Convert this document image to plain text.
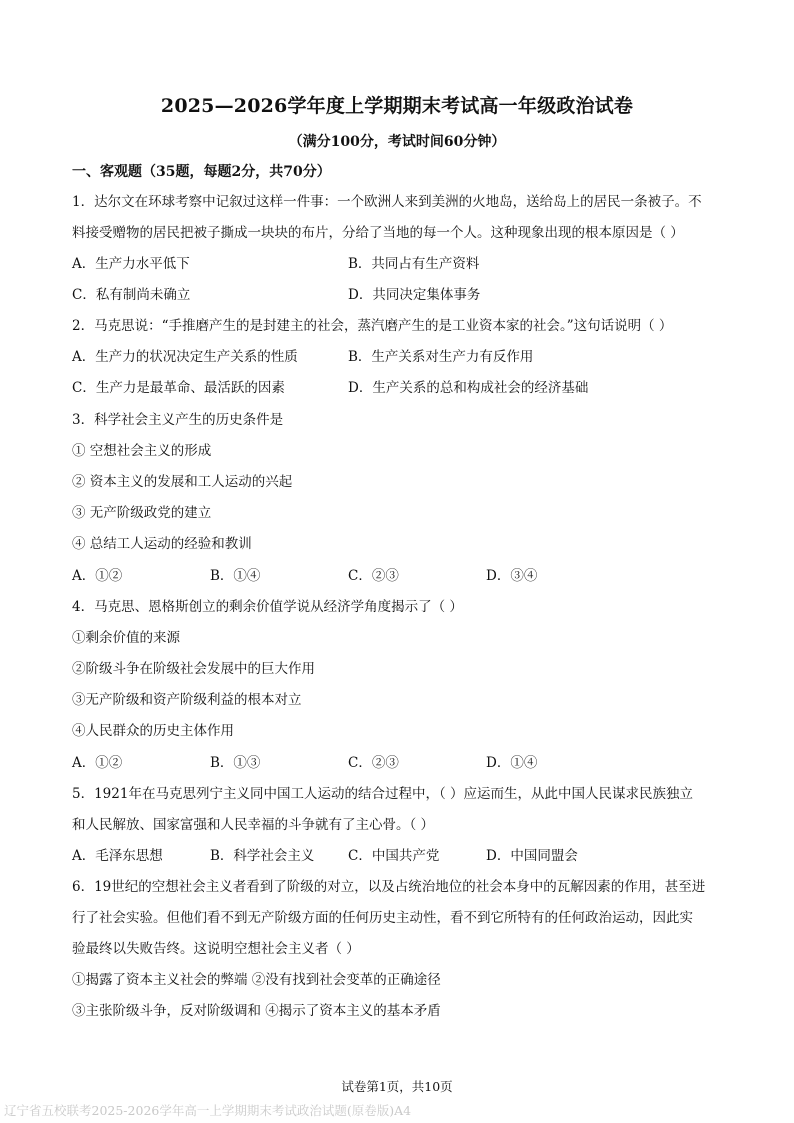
2025—2026学年度上学期期末考试高一年级政治试卷
（满分100分，考试时间60分钟）
一、客观题（35题，每题2分，共70分）
1．达尔文在环球考察中记叙过这样一件事：一个欧洲人来到美洲的火地岛，送给岛上的居民一条被子。不
料接受赠物的居民把被子撕成一块块的布片，分给了当地的每一个人。这种现象出现的根本原因是（ ）
A．生产力水平低下	B．共同占有生产资料
C．私有制尚未确立	D．共同决定集体事务
2．马克思说：“手推磨产生的是封建主的社会，蒸汽磨产生的是工业资本家的社会。”这句话说明（ ）
A．生产力的状况决定生产关系的性质	B．生产关系对生产力有反作用
C．生产力是最革命、最活跃的因素	D．生产关系的总和构成社会的经济基础
3．科学社会主义产生的历史条件是
① 空想社会主义的形成
② 资本主义的发展和工人运动的兴起
③ 无产阶级政党的建立
④ 总结工人运动的经验和教训
A．①②	B．①④	C．②③	D．③④
4．马克思、恩格斯创立的剩余价值学说从经济学角度揭示了（ ）
①剩余价值的来源
②阶级斗争在阶级社会发展中的巨大作用
③无产阶级和资产阶级利益的根本对立
④人民群众的历史主体作用
A．①②	B．①③	C．②③	D．①④
5．1921年在马克思列宁主义同中国工人运动的结合过程中，（ ）应运而生，从此中国人民谋求民族独立
和人民解放、国家富强和人民幸福的斗争就有了主心骨。（ ）
A．毛泽东思想	B．科学社会主义 C．中国共产党	D．中国同盟会
6．19世纪的空想社会主义者看到了阶级的对立，以及占统治地位的社会本身中的瓦解因素的作用，甚至进
行了社会实验。但他们看不到无产阶级方面的任何历史主动性，看不到它所特有的任何政治运动，因此实
验最终以失败告终。这说明空想社会主义者（ ）
①揭露了资本主义社会的弊端 ②没有找到社会变革的正确途径
③主张阶级斗争，反对阶级调和 ④揭示了资本主义的基本矛盾
试卷第1页，共10页
辽宁省五校联考2025-2026学年高一上学期期末考试政治试题(原卷版)A4
